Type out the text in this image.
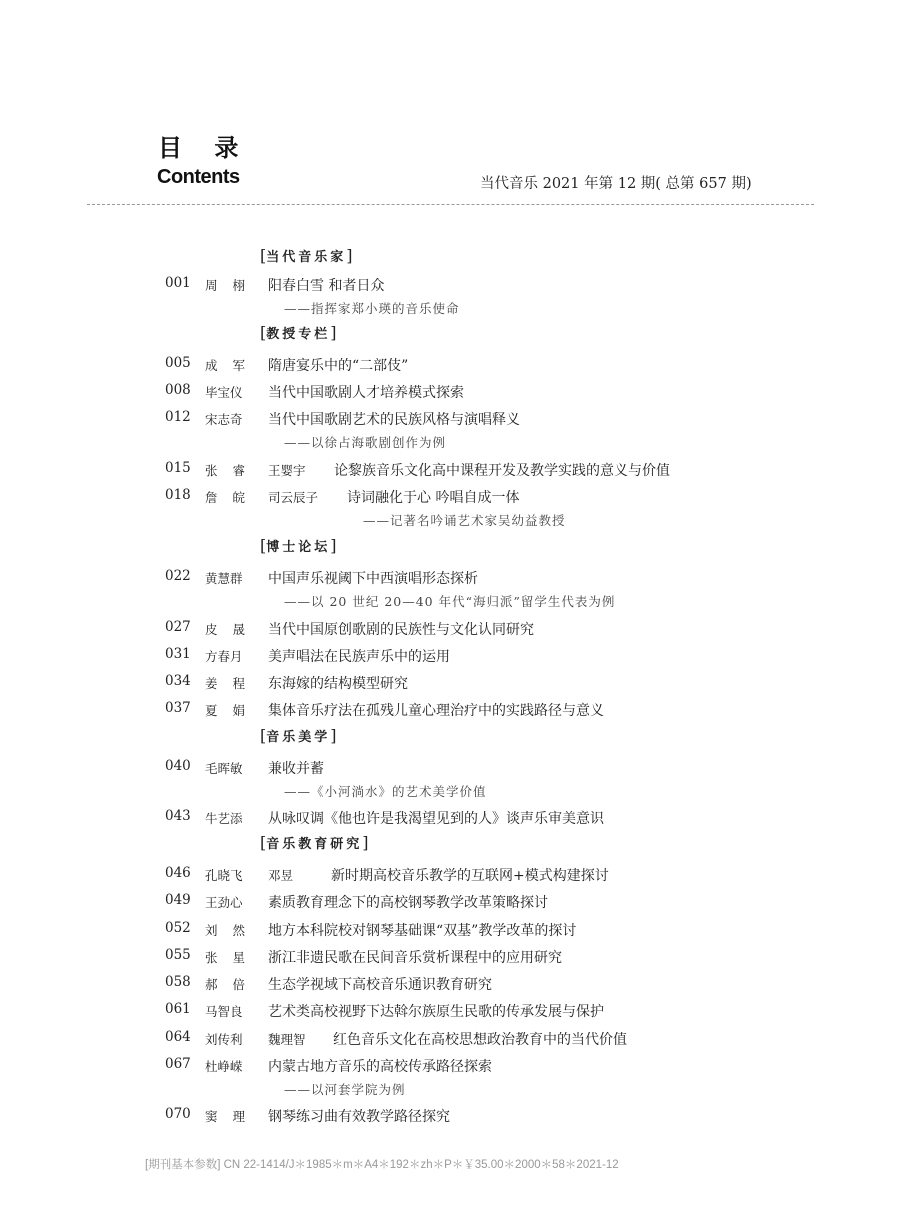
目 录
Contents	当代音乐 2021 年第 12 期( 总第 657 期)
[当代音乐家]
001 周栩 阳春白雪 和者日众
——指挥家郑小瑛的音乐使命
[教授专栏]
005 成军 隋唐宴乐中的“二部伎”
008 毕宝仪 当代中国歌剧人才培养模式探索
012 宋志奇 当代中国歌剧艺术的民族风格与演唱释义
——以徐占海歌剧创作为例
015 张睿 王婴宇 论黎族音乐文化高中课程开发及教学实践的意义与价值
018 詹皖 司云辰子 诗词融化于心 吟唱自成一体
——记著名吟诵艺术家吴幼益教授
[博士论坛]
022 黄慧群 中国声乐视阈下中西演唱形态探析
——以 20 世纪 20—40 年代“海归派”留学生代表为例
027 皮晟 当代中国原创歌剧的民族性与文化认同研究
031 方春月 美声唱法在民族声乐中的运用
034 姜程 东海嫁的结构模型研究
037 夏娟 集体音乐疗法在孤残儿童心理治疗中的实践路径与意义
[音乐美学]
040 毛晖敏 兼收并蓄
——《小河淌水》的艺术美学价值
043 牛艺添 从咏叹调《他也许是我渴望见到的人》谈声乐审美意识
[音乐教育研究]
046 孔晓飞 邓昱	新时期高校音乐教学的互联网+模式构建探讨
049 王劲心 素质教育理念下的高校钢琴教学改革策略探讨
052 刘然 地方本科院校对钢琴基础课“双基”教学改革的探讨
055 张星 浙江非遗民歌在民间音乐赏析课程中的应用研究
058 郝倍 生态学视域下高校音乐通识教育研究
061 马智良 艺术类高校视野下达斡尔族原生民歌的传承发展与保护
064 刘传利 魏理智 红色音乐文化在高校思想政治教育中的当代价值
067 杜峥嵘 内蒙古地方音乐的高校传承路径探索
——以河套学院为例
070 窦理 钢琴练习曲有效教学路径探究
[期刊基本参数] CN 22-1414/J＊1985＊m＊A4＊192＊zh＊P＊￥35.00＊2000＊58＊2021-12
